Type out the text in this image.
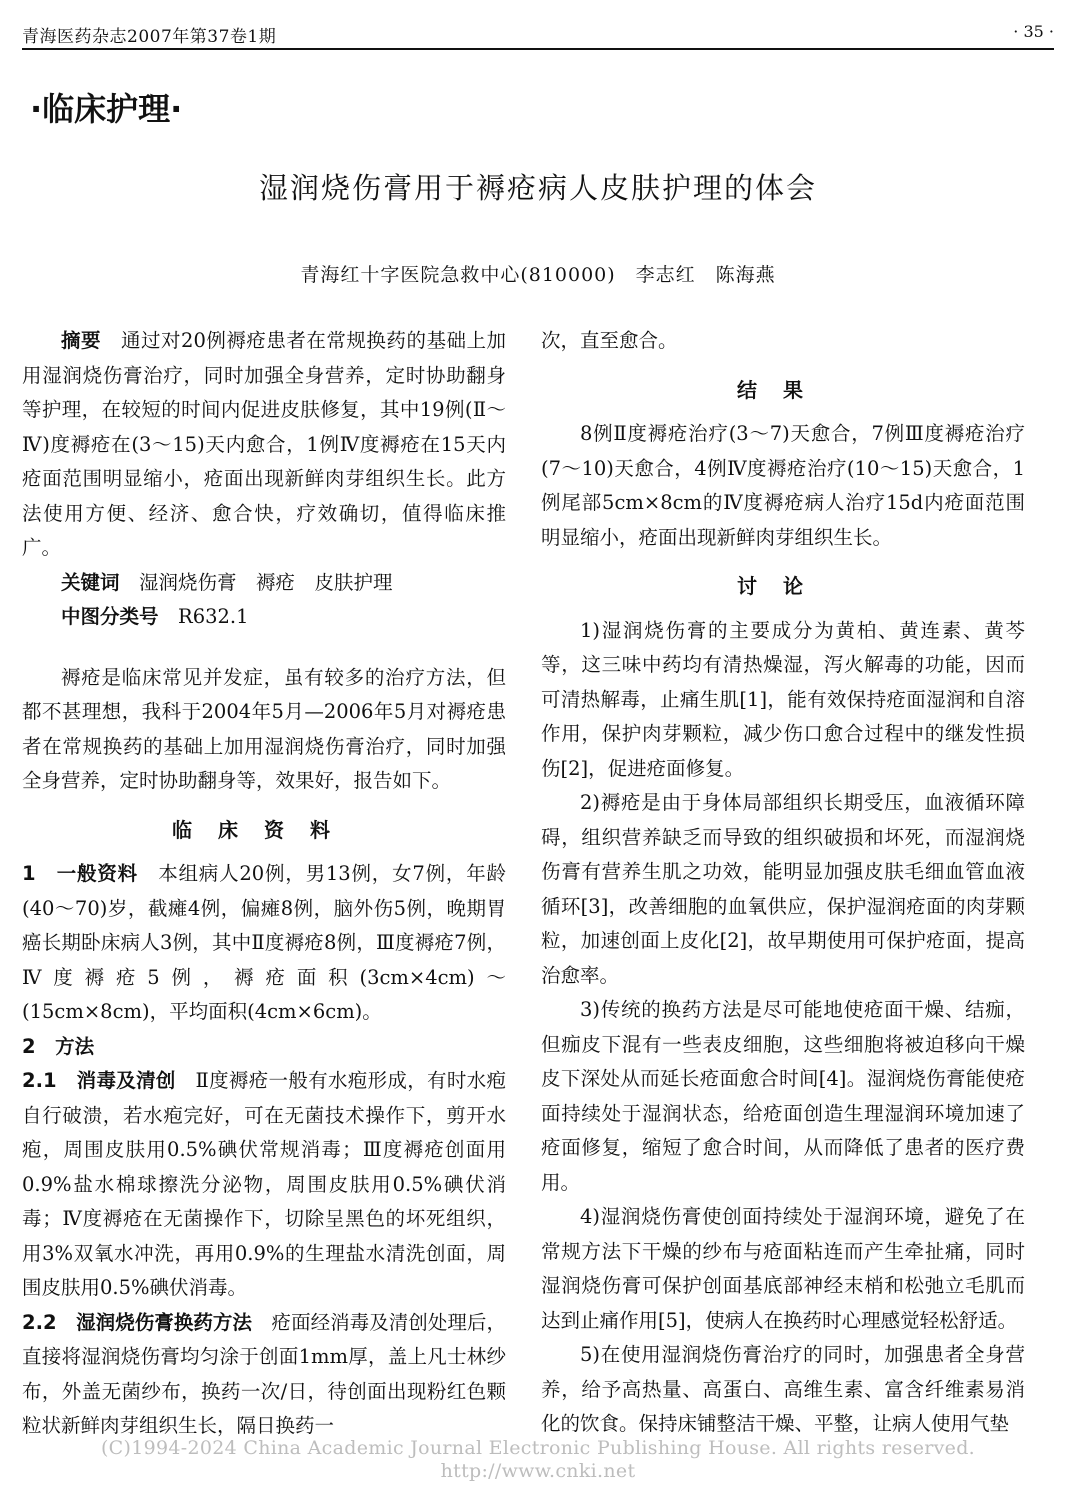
青海医药杂志2007年第37卷1期	· 35 ·
·临床护理·
湿润烧伤膏用于褥疮病人皮肤护理的体会
青海红十字医院急救中心(810000)　李志红　陈海燕

摘要　 通过对20例褥疮患者在常规换药的基础上加用湿润烧伤膏治疗，同时加强全身营养，定时协助翻身等护理，在较短的时间内促进皮肤修复，其中19例(Ⅱ～Ⅳ)度褥疮在(3～15)天内愈合，1例Ⅳ度褥疮在15天内疮面范围明显缩小，疮面出现新鲜肉芽组织生长。此方法使用方便、经济、愈合快，疗效确切，值得临床推广。

关键词　 湿润烧伤膏　褥疮　皮肤护理

中图分类号　 R632.1

褥疮是临床常见并发症，虽有较多的治疗方法，但都不甚理想，我科于2004年5月—2006年5月对褥疮患者在常规换药的基础上加用湿润烧伤膏治疗，同时加强全身营养，定时协助翻身等，效果好，报告如下。

临床资料

1　 一般资料　 本组病人20例，男13例，女7例，年龄(40～70)岁，截瘫4例，偏瘫8例，脑外伤5例，晚期胃癌长期卧床病人3例，其中Ⅱ度褥疮8例，Ⅲ度褥疮7例，Ⅳ度褥疮5例，褥疮面积(3cm×4cm)～(15cm×8cm)，平均面积(4cm×6cm)。

2　 方法

2.1　 消毒及清创　 Ⅱ度褥疮一般有水疱形成，有时水疱自行破溃，若水疱完好，可在无菌技术操作下，剪开水疱，周围皮肤用0.5%碘伏常规消毒；Ⅲ度褥疮创面用0.9%盐水棉球擦洗分泌物，周围皮肤用0.5%碘伏消毒；Ⅳ度褥疮在无菌操作下，切除呈黑色的坏死组织，用3%双氧水冲洗，再用0.9%的生理盐水清洗创面，周围皮肤用0.5%碘伏消毒。

2.2　 湿润烧伤膏换药方法　 疮面经消毒及清创处理后，直接将湿润烧伤膏均匀涂于创面1mm厚，盖上凡士林纱布，外盖无菌纱布，换药一次/日，待创面出现粉红色颗粒状新鲜肉芽组织生长，隔日换药一

次，直至愈合。

结果

8例Ⅱ度褥疮治疗(3～7)天愈合，7例Ⅲ度褥疮治疗(7～10)天愈合，4例Ⅳ度褥疮治疗(10～15)天愈合，1例尾部5cm×8cm的Ⅳ度褥疮病人治疗15d内疮面范围明显缩小，疮面出现新鲜肉芽组织生长。

讨论

1)湿润烧伤膏的主要成分为黄柏、黄连素、黄芩等，这三味中药均有清热燥湿，泻火解毒的功能，因而可清热解毒，止痛生肌[1]，能有效保持疮面湿润和自溶作用，保护肉芽颗粒，减少伤口愈合过程中的继发性损伤[2]，促进疮面修复。

2)褥疮是由于身体局部组织长期受压，血液循环障碍，组织营养缺乏而导致的组织破损和坏死，而湿润烧伤膏有营养生肌之功效，能明显加强皮肤毛细血管血液循环[3]，改善细胞的血氧供应，保护湿润疮面的肉芽颗粒，加速创面上皮化[2]，故早期使用可保护疮面，提高治愈率。

3)传统的换药方法是尽可能地使疮面干燥、结痂，但痂皮下混有一些表皮细胞，这些细胞将被迫移向干燥皮下深处从而延长疮面愈合时间[4]。湿润烧伤膏能使疮面持续处于湿润状态，给疮面创造生理湿润环境加速了疮面修复，缩短了愈合时间，从而降低了患者的医疗费用。

4)湿润烧伤膏使创面持续处于湿润环境，避免了在常规方法下干燥的纱布与疮面粘连而产生牵扯痛，同时湿润烧伤膏可保护创面基底部神经末梢和松弛立毛肌而达到止痛作用[5]，使病人在换药时心理感觉轻松舒适。

5)在使用湿润烧伤膏治疗的同时，加强患者全身营养，给予高热量、高蛋白、高维生素、富含纤维素易消化的饮食。保持床铺整洁干燥、平整，让病人使用气垫

(C)1994-2024 China Academic Journal Electronic Publishing House. All rights reserved.　http://www.cnki.net
